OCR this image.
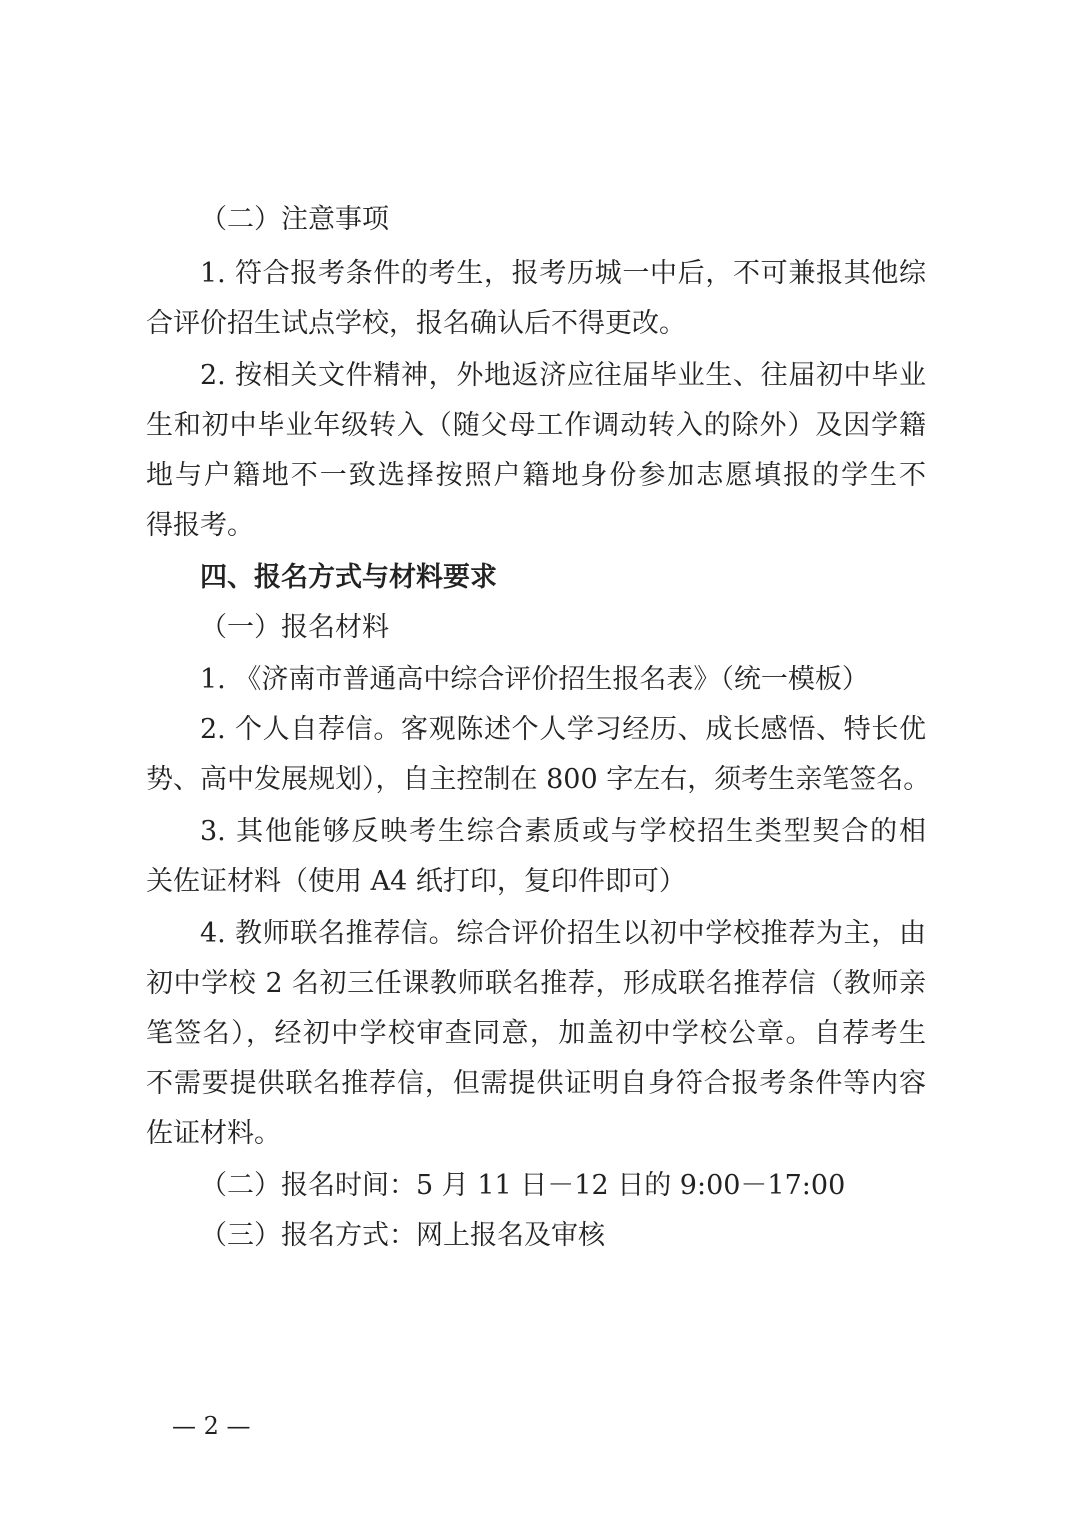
（二）注意事项
1. 符合报考条件的考生，报考历城一中后，不可兼报其他综
合评价招生试点学校，报名确认后不得更改。
2. 按相关文件精神，外地返济应往届毕业生、往届初中毕业
生和初中毕业年级转入（随父母工作调动转入的除外）及因学籍
地与户籍地不一致选择按照户籍地身份参加志愿填报的学生不
得报考。
四、报名方式与材料要求
（一）报名材料
1. 《济南市普通高中综合评价招生报名表》（统一模板）
2. 个人自荐信。客观陈述个人学习经历、成长感悟、特长优
势、高中发展规划），自主控制在 800 字左右，须考生亲笔签名。
3. 其他能够反映考生综合素质或与学校招生类型契合的相
关佐证材料（使用 A4 纸打印，复印件即可）
4. 教师联名推荐信。综合评价招生以初中学校推荐为主，由
初中学校 2 名初三任课教师联名推荐，形成联名推荐信（教师亲
笔签名），经初中学校审查同意，加盖初中学校公章。自荐考生
不需要提供联名推荐信，但需提供证明自身符合报考条件等内容
佐证材料。
（二）报名时间：5 月 11 日－12 日的 9:00－17:00
（三）报名方式：网上报名及审核
— 2 —
